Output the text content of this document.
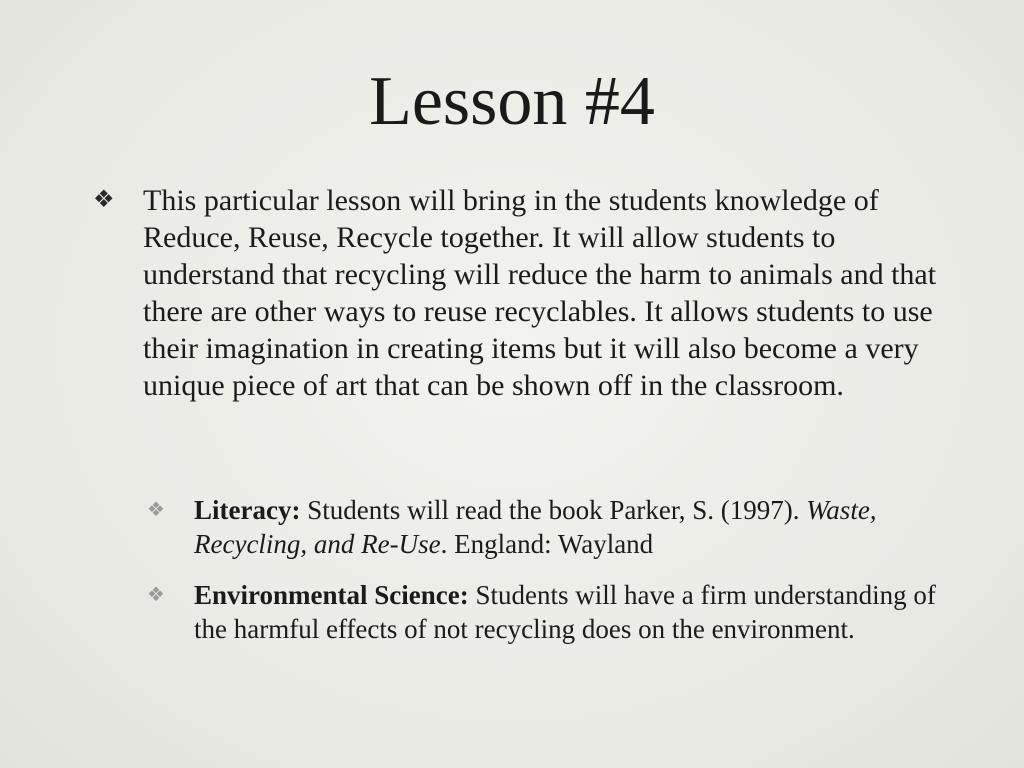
Lesson #4
❖ This particular lesson will bring in the students knowledge of Reduce, Reuse, Recycle together. It will allow students to understand that recycling will reduce the harm to animals and that there are other ways to reuse recyclables. It allows students to use their imagination in creating items but it will also become a very unique piece of art that can be shown off in the classroom.
❖ Literacy: Students will read the book Parker, S. (1997). Waste, Recycling, and Re-Use. England: Wayland
❖ Environmental Science: Students will have a firm understanding of the harmful effects of not recycling does on the environment.
